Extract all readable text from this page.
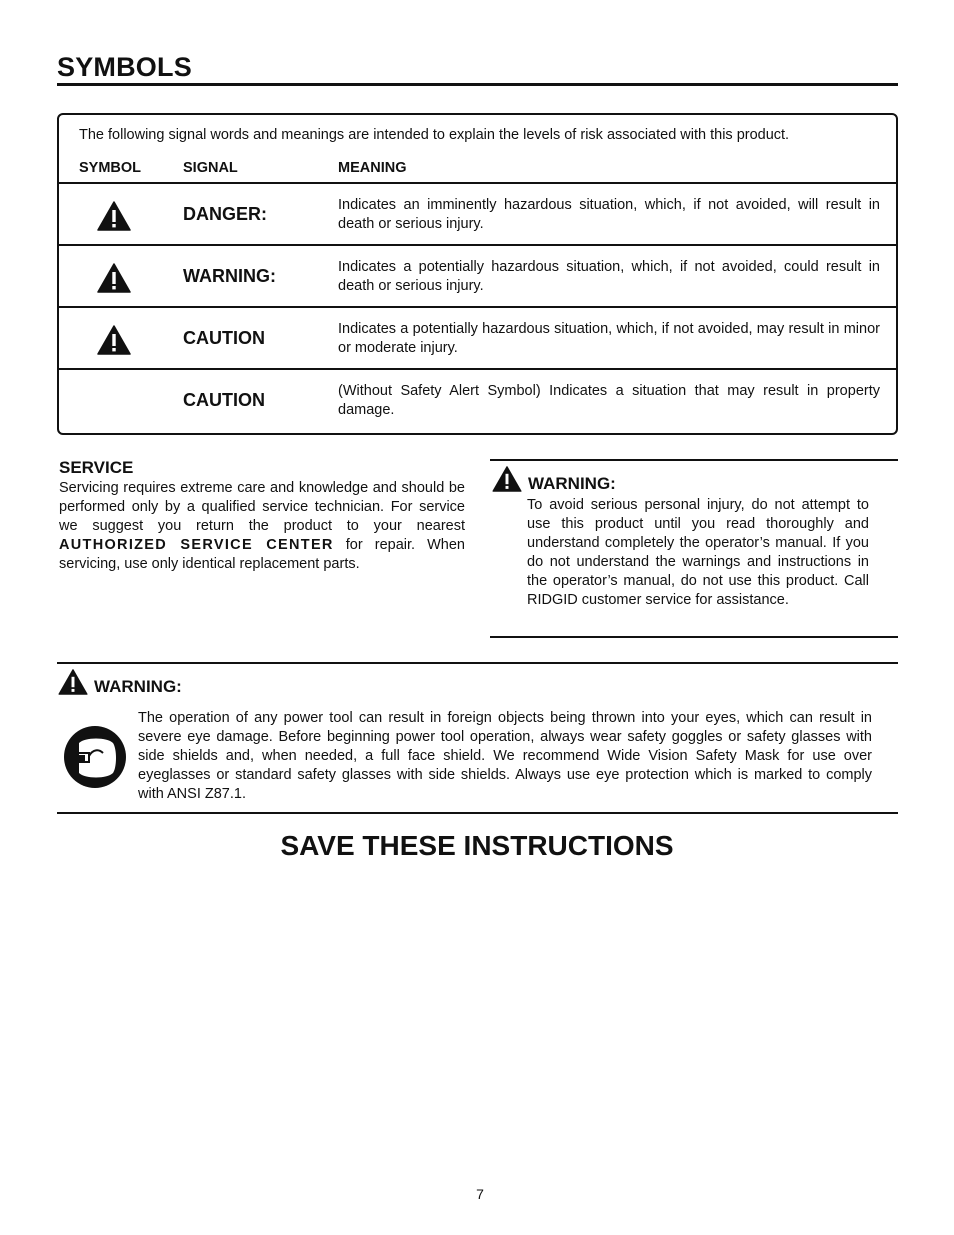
SYMBOLS
The following signal words and meanings are intended to explain the levels of risk associated with this product.
SYMBOL	SIGNAL	MEANING
DANGER:	Indicates an imminently hazardous situation, which, if not avoided, will result in death or serious injury.
WARNING:	Indicates a potentially hazardous situation, which, if not avoided, could result in death or serious injury.
CAUTION	Indicates a potentially hazardous situation, which, if not avoided, may result in minor or moderate injury.
CAUTION	(Without Safety Alert Symbol) Indicates a situation that may result in property damage.
SERVICE
Servicing requires extreme care and knowledge and should be performed only by a qualified service technician. For service we suggest you return the product to your nearest AUTHORIZED SERVICE CENTER for repair. When servicing, use only identical replacement parts.
WARNING:
To avoid serious personal injury, do not attempt to use this product until you read thoroughly and understand completely the operator’s manual. If you do not understand the warnings and instructions in the operator’s manual, do not use this product. Call RIDGID customer service for assistance.
WARNING:
The operation of any power tool can result in foreign objects being thrown into your eyes, which can result in severe eye damage. Before beginning power tool operation, always wear safety goggles or safety glasses with side shields and, when needed, a full face shield. We recommend Wide Vision Safety Mask for use over eyeglasses or standard safety glasses with side shields. Always use eye protection which is marked to comply with ANSI Z87.1.
SAVE THESE INSTRUCTIONS
7
